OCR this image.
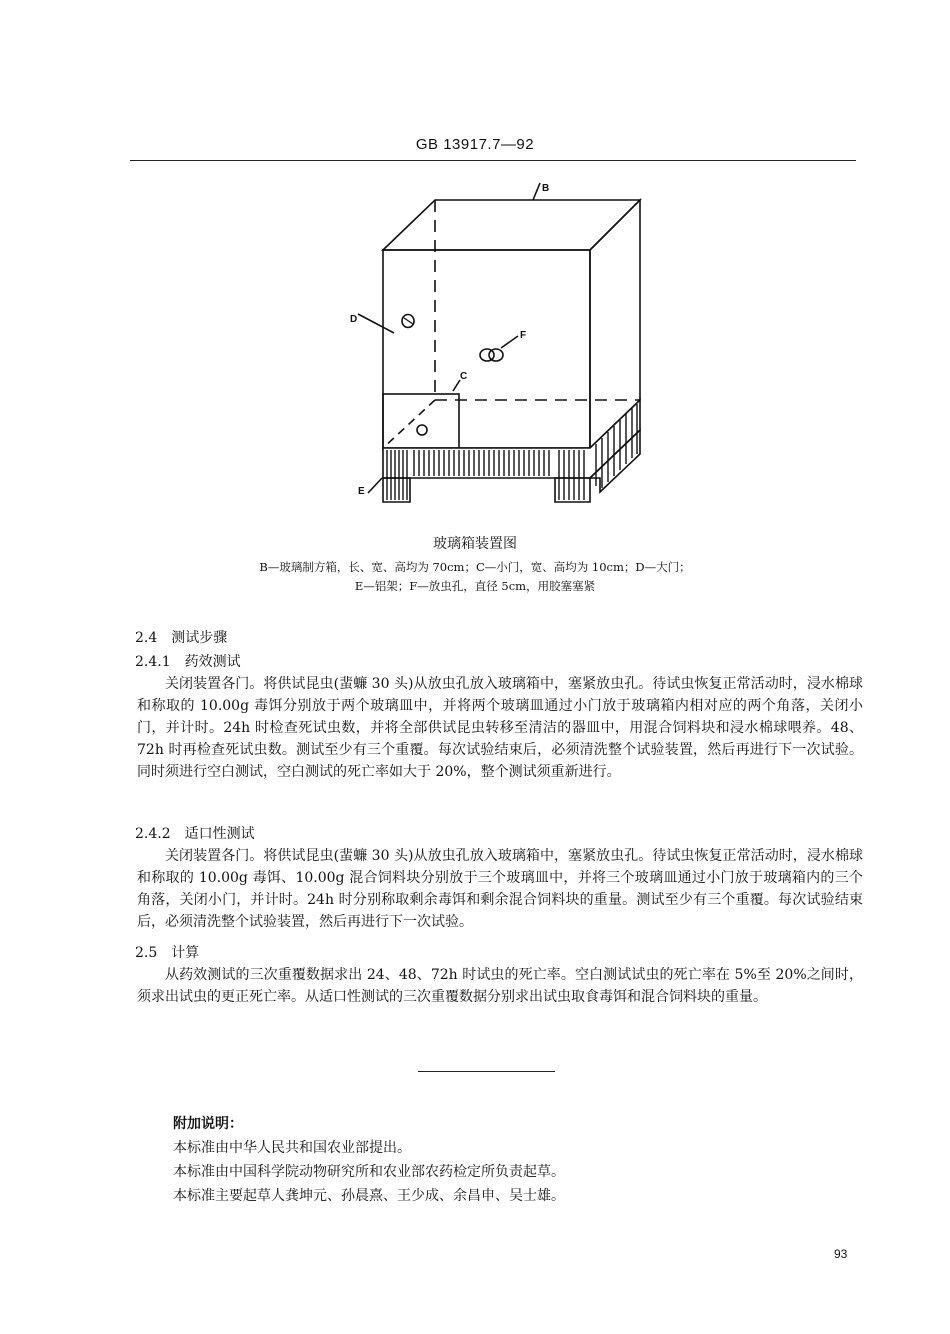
GB 13917.7—92
B
D
F
C
E
玻璃箱装置图
B—玻璃制方箱，长、宽、高均为 70cm；C—小门，宽、高均为 10cm；D—大门；
E—铝架；F—放虫孔，直径 5cm，用胶塞塞紧
2.4　测试步骤
2.4.1　药效测试

关闭装置各门。将供试昆虫(蜚蠊 30 头)从放虫孔放入玻璃箱中，塞紧放虫孔。待试虫恢复正常活动时，浸水棉球和称取的 10.00g 毒饵分别放于两个玻璃皿中，并将两个玻璃皿通过小门放于玻璃箱内相对应的两个角落，关闭小门，并计时。24h 时检查死试虫数，并将全部供试昆虫转移至清洁的器皿中，用混合饲料块和浸水棉球喂养。48、72h 时再检查死试虫数。测试至少有三个重覆。每次试验结束后，必须清洗整个试验装置，然后再进行下一次试验。同时须进行空白测试，空白测试的死亡率如大于 20%，整个测试须重新进行。

2.4.2　适口性测试

关闭装置各门。将供试昆虫(蜚蠊 30 头)从放虫孔放入玻璃箱中，塞紧放虫孔。待试虫恢复正常活动时，浸水棉球和称取的 10.00g 毒饵、10.00g 混合饲料块分别放于三个玻璃皿中，并将三个玻璃皿通过小门放于玻璃箱内的三个角落，关闭小门，并计时。24h 时分别称取剩余毒饵和剩余混合饲料块的重量。测试至少有三个重覆。每次试验结束后，必须清洗整个试验装置，然后再进行下一次试验。

2.5　计算

从药效测试的三次重覆数据求出 24、48、72h 时试虫的死亡率。空白测试试虫的死亡率在 5%至 20%之间时，须求出试虫的更正死亡率。从适口性测试的三次重覆数据分别求出试虫取食毒饵和混合饲料块的重量。

附加说明：
本标准由中华人民共和国农业部提出。
本标准由中国科学院动物研究所和农业部农药检定所负责起草。
本标准主要起草人龚坤元、孙晨熹、王少成、余昌申、吴士雄。
93
